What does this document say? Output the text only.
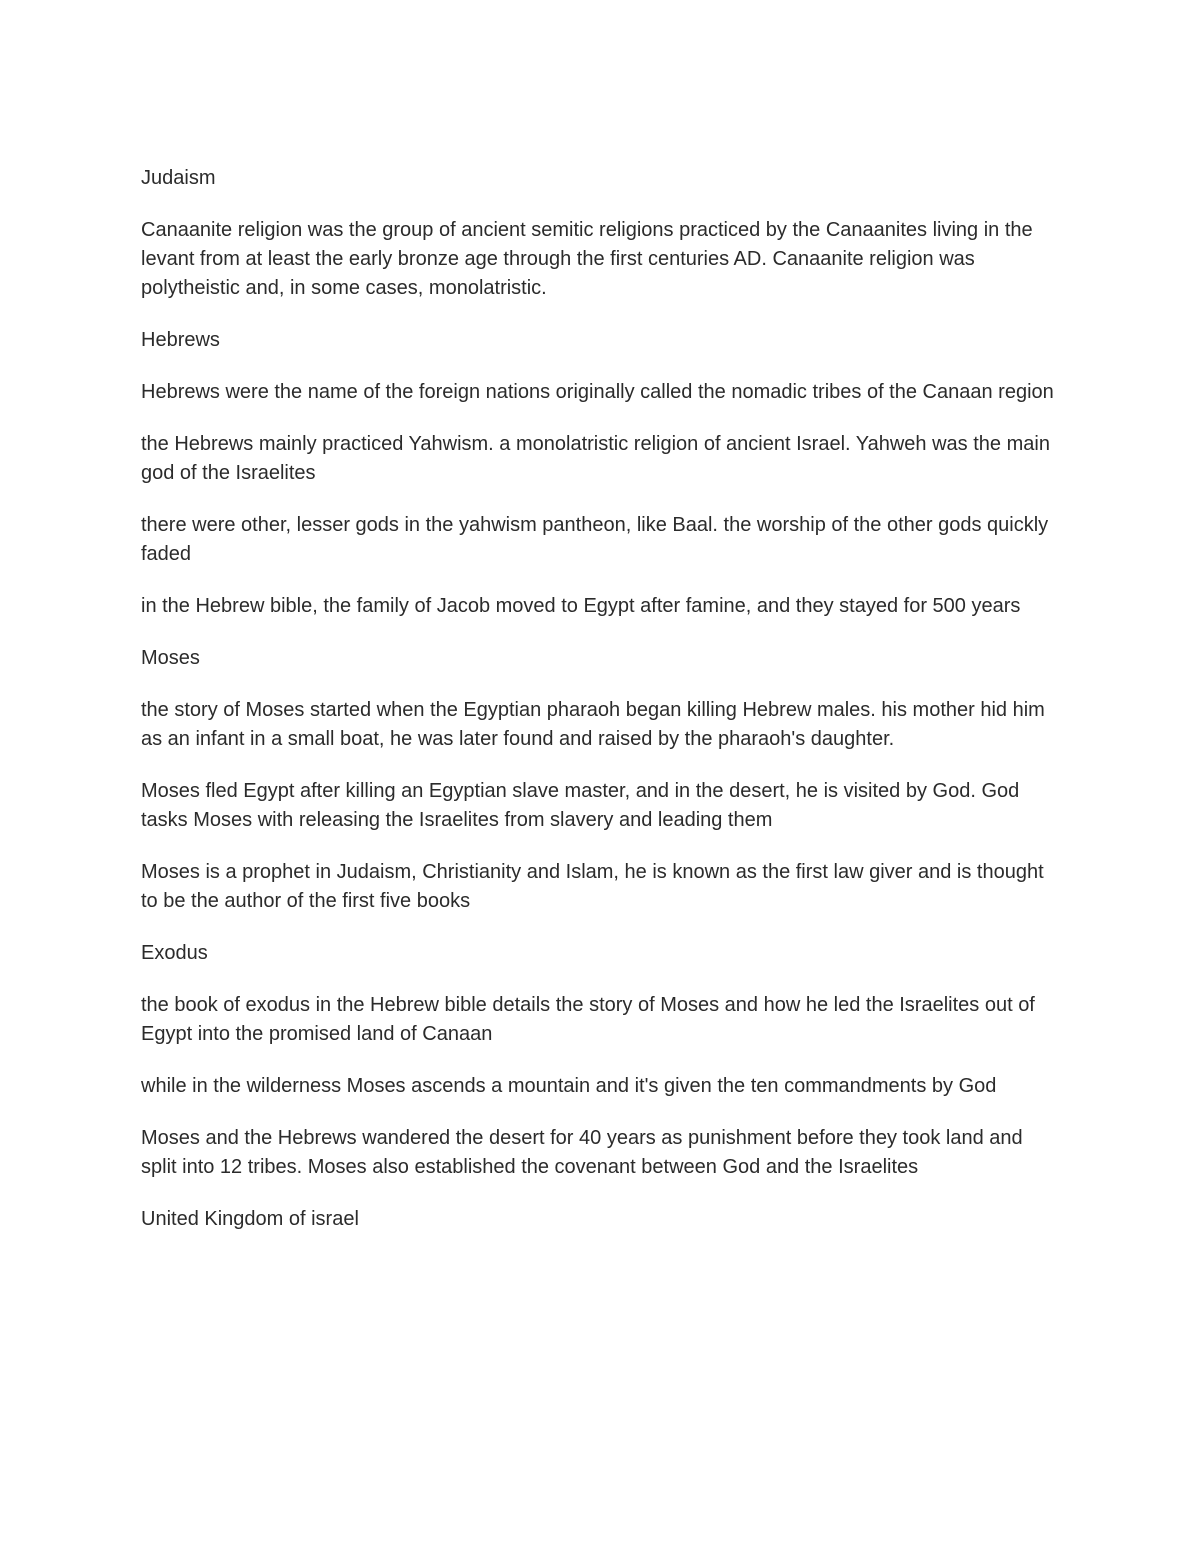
Judaism

Canaanite religion was the group of ancient semitic religions practiced by the Canaanites living in the levant from at least the early bronze age through the first centuries AD. Canaanite religion was polytheistic and, in some cases, monolatristic.

Hebrews

Hebrews were the name of the foreign nations originally called the nomadic tribes of the Canaan region

the Hebrews mainly practiced Yahwism. a monolatristic religion of ancient Israel. Yahweh was the main god of the Israelites

there were other, lesser gods in the yahwism pantheon, like Baal. the worship of the other gods quickly faded

in the Hebrew bible, the family of Jacob moved to Egypt after famine, and they stayed for 500 years

Moses

the story of Moses started when the Egyptian pharaoh began killing Hebrew males. his mother hid him as an infant in a small boat, he was later found and raised by the pharaoh's daughter.

Moses fled Egypt after killing an Egyptian slave master, and in the desert, he is visited by God. God tasks Moses with releasing the Israelites from slavery and leading them

Moses is a prophet in Judaism, Christianity and Islam, he is known as the first law giver and is thought to be the author of the first five books

Exodus

the book of exodus in the Hebrew bible details the story of Moses and how he led the Israelites out of Egypt into the promised land of Canaan

while in the wilderness Moses ascends a mountain and it's given the ten commandments by God

Moses and the Hebrews wandered the desert for 40 years as punishment before they took land and split into 12 tribes. Moses also established the covenant between God and the Israelites

United Kingdom of israel
